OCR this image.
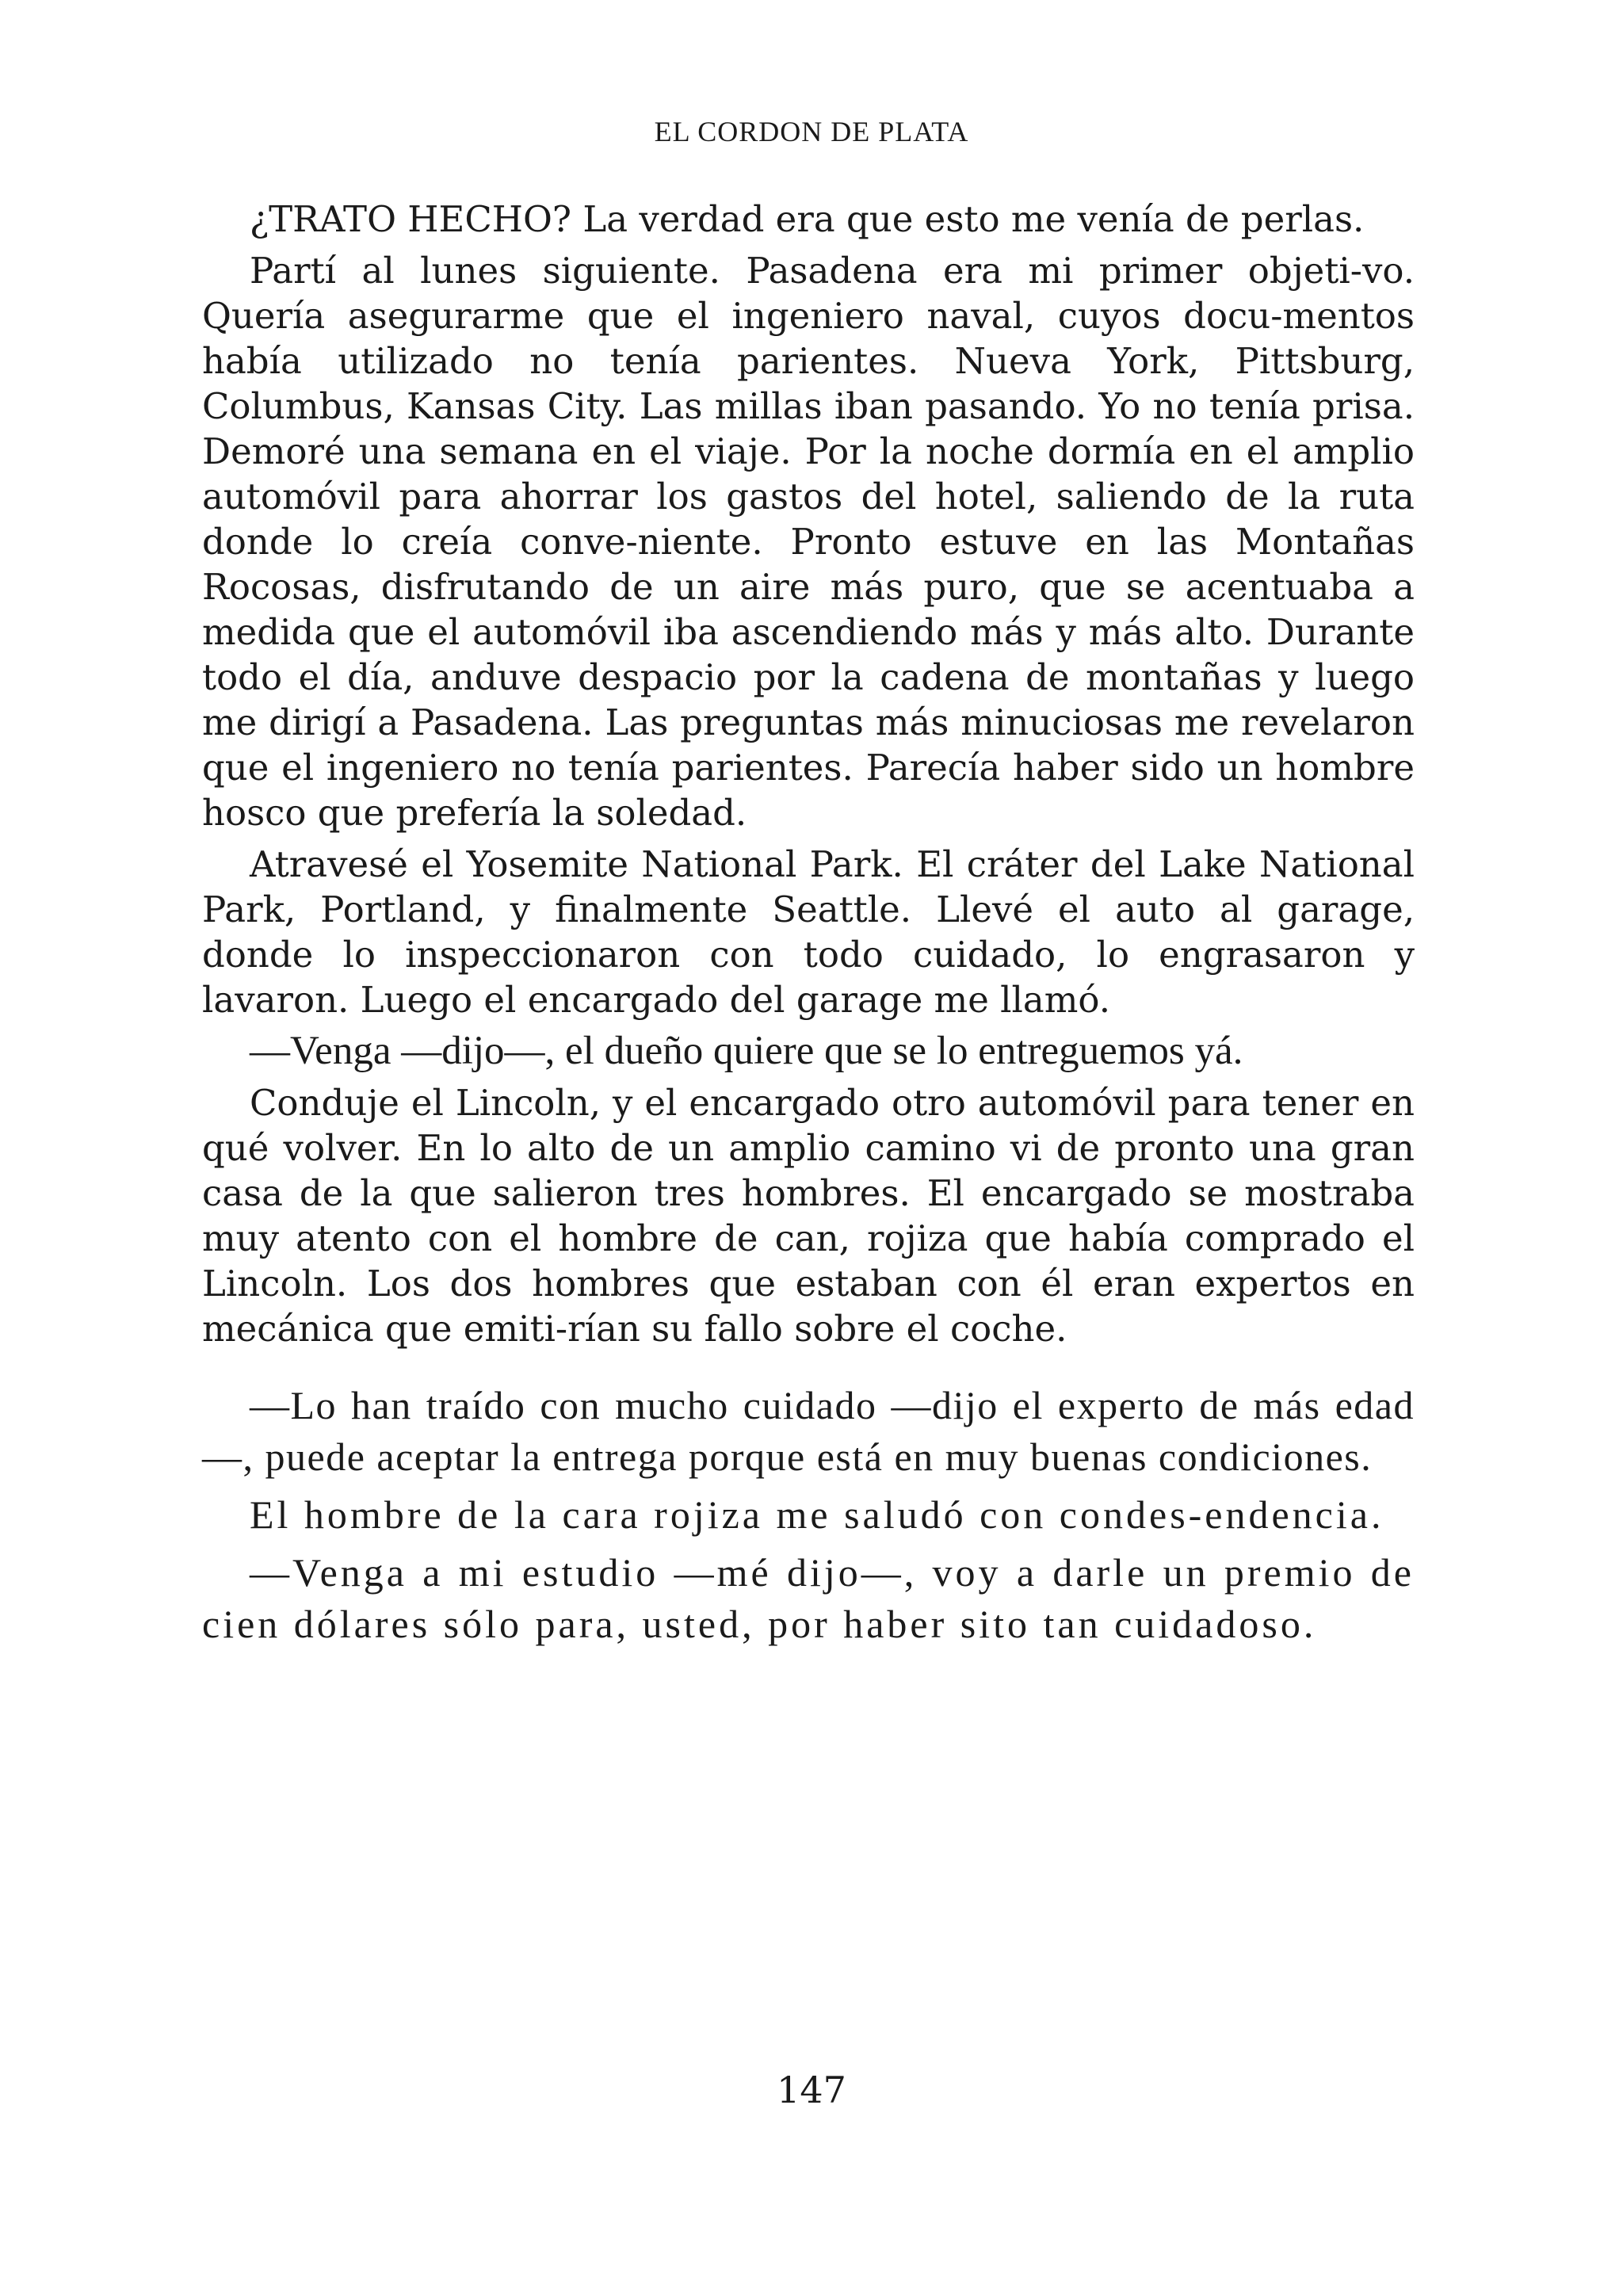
EL CORDON DE PLATA

¿TRATO HECHO? La verdad era que esto me venía de perlas.

Partí al lunes siguiente. Pasadena era mi primer objeti-vo. Quería asegurarme que el ingeniero naval, cuyos docu-mentos había utilizado no tenía parientes. Nueva York, Pittsburg, Columbus, Kansas City. Las millas iban pasando. Yo no tenía prisa. Demoré una semana en el viaje. Por la noche dormía en el amplio automóvil para ahorrar los gastos del hotel, saliendo de la ruta donde lo creía conve-niente. Pronto estuve en las Montañas Rocosas, disfrutando de un aire más puro, que se acentuaba a medida que el automóvil iba ascendiendo más y más alto. Durante todo el día, anduve despacio por la cadena de montañas y luego me dirigí a Pasadena. Las preguntas más minuciosas me revelaron que el ingeniero no tenía parientes. Parecía haber sido un hombre hosco que prefería la soledad.

Atravesé el Yosemite National Park. El cráter del Lake National Park, Portland, y finalmente Seattle. Llevé el auto al garage, donde lo inspeccionaron con todo cuidado, lo engrasaron y lavaron. Luego el encargado del garage me llamó.

—Venga —dijo—, el dueño quiere que se lo entreguemos yá.

Conduje el Lincoln, y el encargado otro automóvil para tener en qué volver. En lo alto de un amplio camino vi de pronto una gran casa de la que salieron tres hombres. El encargado se mostraba muy atento con el hombre de can, rojiza que había comprado el Lincoln. Los dos hombres que estaban con él eran expertos en mecánica que emiti-rían su fallo sobre el coche.

—Lo han traído con mucho cuidado —dijo el experto de más edad—, puede aceptar la entrega porque está en muy buenas condiciones.

El hombre de la cara rojiza me saludó con condes-endencia.

—Venga a mi estudio —mé dijo—, voy a darle un premio de cien dólares sólo para, usted, por haber sito tan cuidadoso.

147
